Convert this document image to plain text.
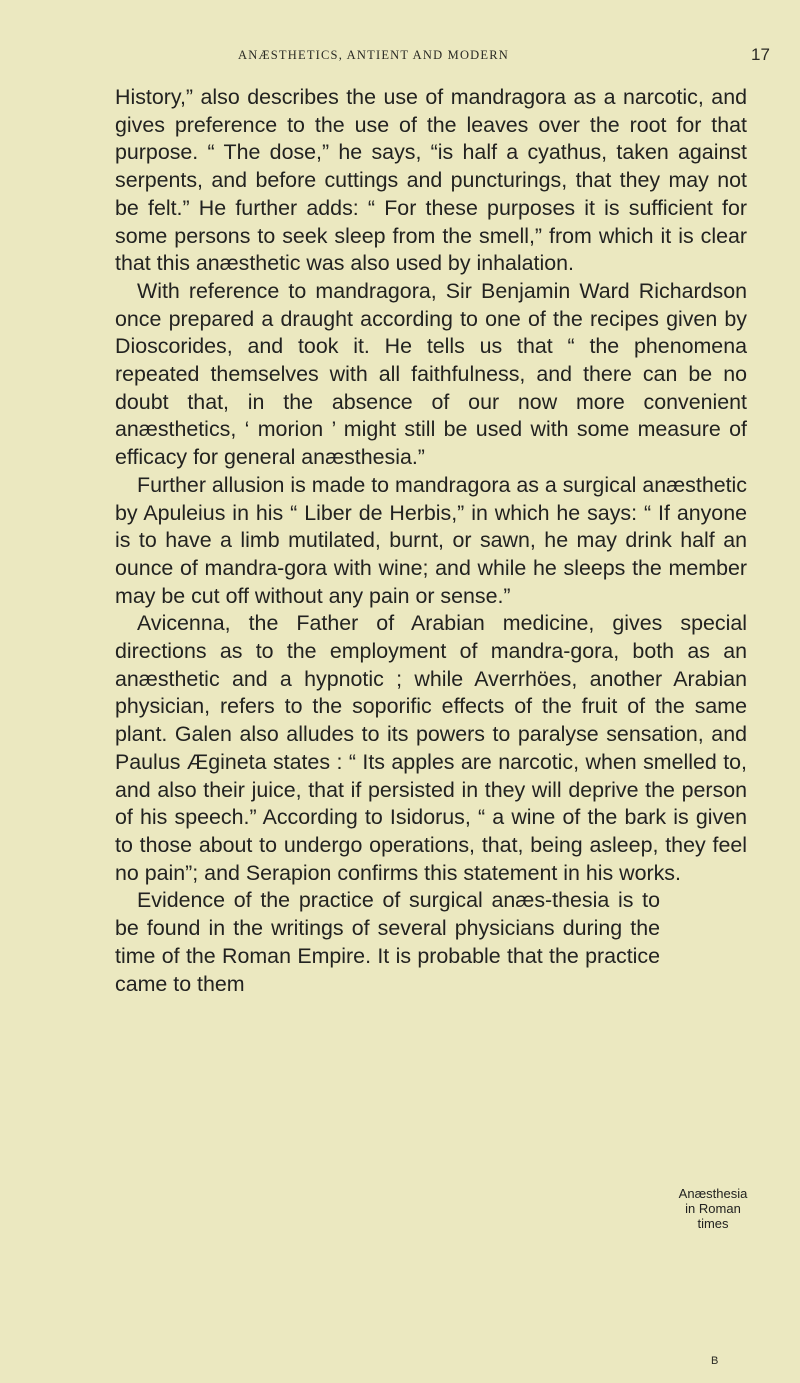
ANÆSTHETICS, ANTIENT AND MODERN	17

History,” also describes the use of mandragora as a narcotic, and gives preference to the use of the leaves over the root for that purpose. “ The dose,” he says, “is half a cyathus, taken against serpents, and before cuttings and puncturings, that they may not be felt.” He further adds: “ For these purposes it is sufficient for some persons to seek sleep from the smell,” from which it is clear that this anæsthetic was also used by inhalation.

With reference to mandragora, Sir Benjamin Ward Richardson once prepared a draught according to one of the recipes given by Dioscorides, and took it. He tells us that “ the phenomena repeated themselves with all faithfulness, and there can be no doubt that, in the absence of our now more convenient anæsthetics, ‘ morion ’ might still be used with some measure of efficacy for general anæsthesia.”

Further allusion is made to mandragora as a surgical anæsthetic by Apuleius in his “ Liber de Herbis,” in which he says: “ If anyone is to have a limb mutilated, burnt, or sawn, he may drink half an ounce of mandra-gora with wine; and while he sleeps the member may be cut off without any pain or sense.”

Avicenna, the Father of Arabian medicine, gives special directions as to the employment of mandra-gora, both as an anæsthetic and a hypnotic ; while Averrhöes, another Arabian physician, refers to the soporific effects of the fruit of the same plant. Galen also alludes to its powers to paralyse sensation, and Paulus Ægineta states : “ Its apples are narcotic, when smelled to, and also their juice, that if persisted in they will deprive the person of his speech.” According to Isidorus, “ a wine of the bark is given to those about to undergo operations, that, being asleep, they feel no pain”; and Serapion confirms this statement in his works.

Evidence of the practice of surgical anæs-thesia is to be found in the writings of several physicians during the time of the Roman Empire. It is probable that the practice came to them

Anæsthesia
in Roman
times
B
